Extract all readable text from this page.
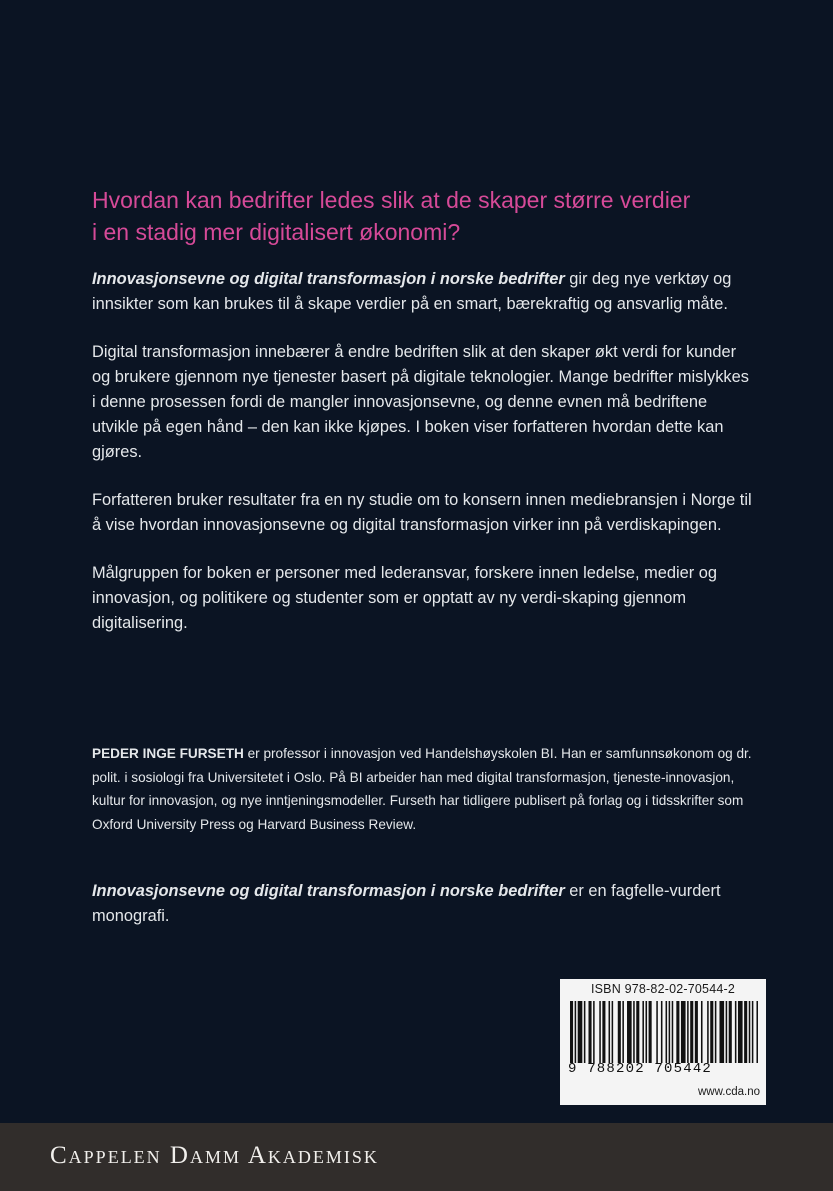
Hvordan kan bedrifter ledes slik at de skaper større verdier
i en stadig mer digitalisert økonomi?

Innovasjonsevne og digital transformasjon i norske bedrifter gir deg nye verktøy og innsikter som kan brukes til å skape verdier på en smart, bærekraftig og ansvarlig måte.

Digital transformasjon innebærer å endre bedriften slik at den skaper økt verdi for kunder og brukere gjennom nye tjenester basert på digitale teknologier. Mange bedrifter mislykkes i denne prosessen fordi de mangler innovasjonsevne, og denne evnen må bedriftene utvikle på egen hånd – den kan ikke kjøpes. I boken viser forfatteren hvordan dette kan gjøres.

Forfatteren bruker resultater fra en ny studie om to konsern innen mediebransjen i Norge til å vise hvordan innovasjonsevne og digital transformasjon virker inn på verdiskapingen.

Målgruppen for boken er personer med lederansvar, forskere innen ledelse, medier og innovasjon, og politikere og studenter som er opptatt av ny verdi-skaping gjennom digitalisering.

PEDER INGE FURSETH er professor i innovasjon ved Handelshøyskolen BI. Han er samfunnsøkonom og dr. polit. i sosiologi fra Universitetet i Oslo. På BI arbeider han med digital transformasjon, tjeneste-innovasjon, kultur for innovasjon, og nye inntjeningsmodeller. Furseth har tidligere publisert på forlag og i tidsskrifter som Oxford University Press og Harvard Business Review.
Innovasjonsevne og digital transformasjon i norske bedrifter er en fagfelle-vurdert monografi.
ISBN 978-82-02-70544-2
9 788202 705442
www.cda.no
Cappelen Damm Akademisk
